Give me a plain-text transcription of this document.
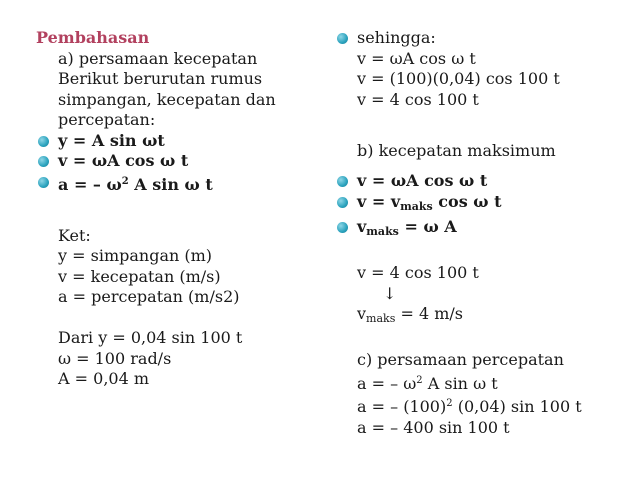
Pembahasan
a) persamaan kecepatan
Berikut berurutan rumus
simpangan, kecepatan dan
percepatan:
y = A sin ωt
v = ωA cos ω t
a = – $\omega^2$ A sin ω t
Ket:
y = simpangan (m)
v = kecepatan (m/s)
a = percepatan (m/s2)
Dari y = 0,04 sin 100 t
ω = 100 rad/s
A = 0,04 m
sehingga:
v = ωA cos ω t
v = (100)(0,04) cos 100 t
v = 4 cos 100 t
b) kecepatan maksimum
v = ωA cos ω t
$v = v_{maks}$ cos ω t
$v_{maks} = \omega$ A
v = 4 cos 100 t
↓
$v_{maks} = 4$ m/s
c) persamaan percepatan
a = – $\omega^2$ A sin ω t
a = – $(100)^2$ (0,04) sin 100 t
a = – 400 sin 100 t
